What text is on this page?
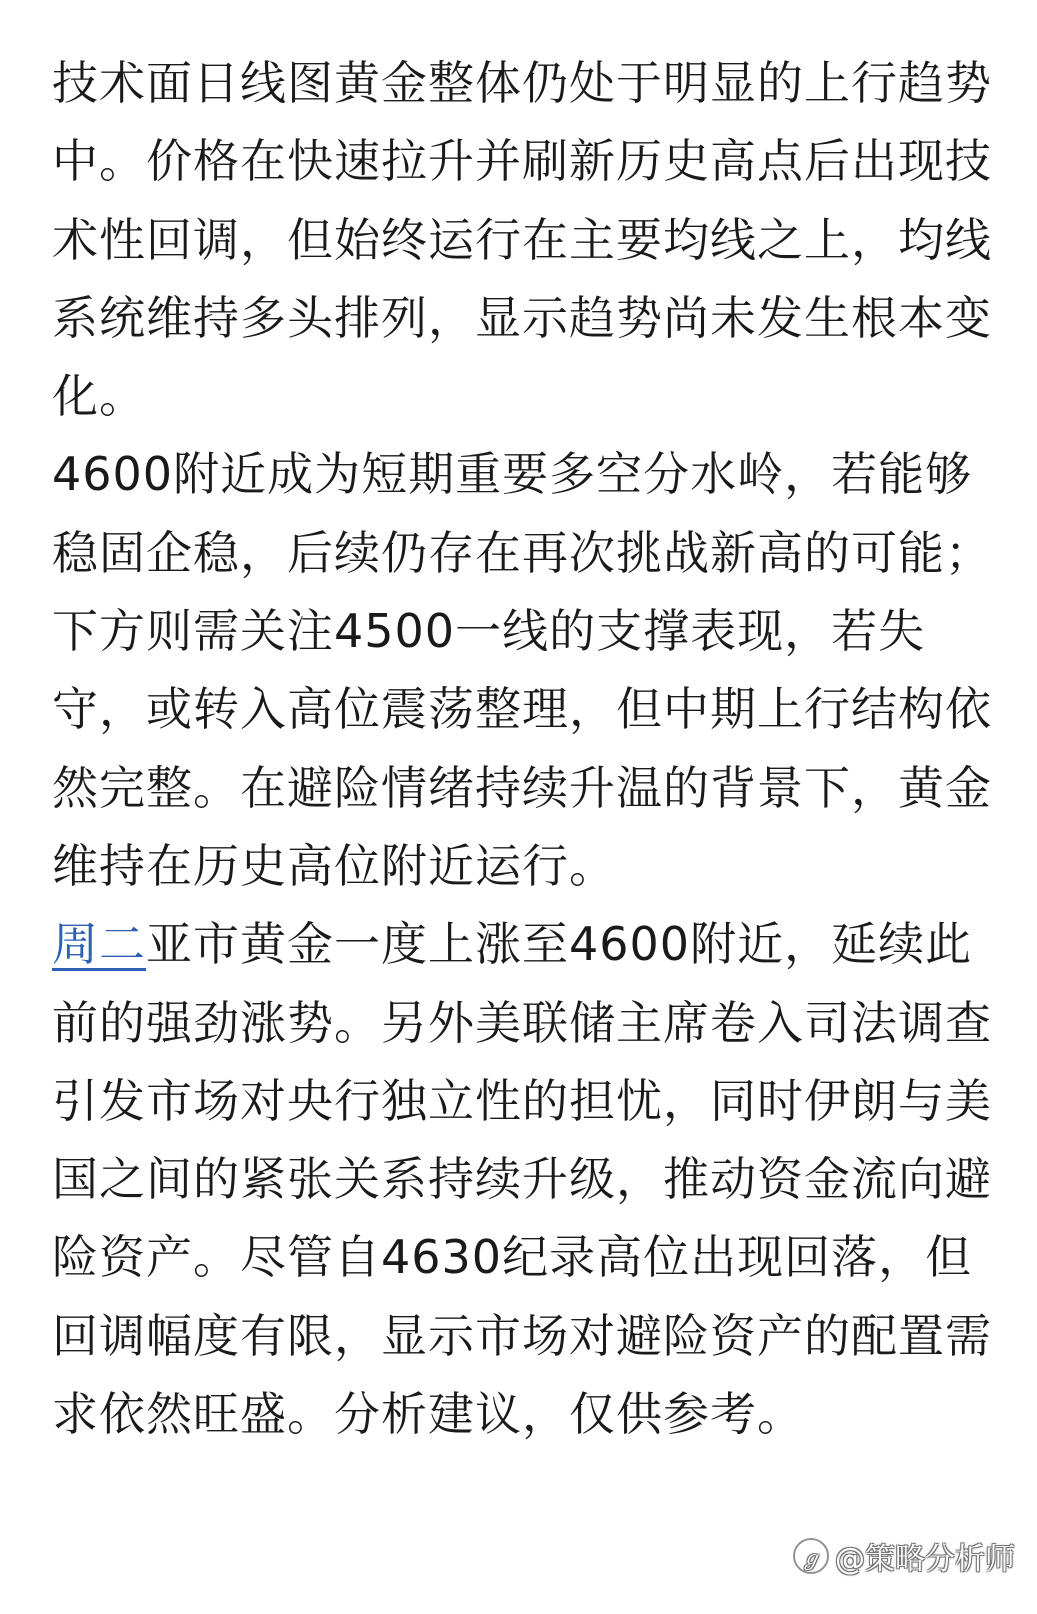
技术面日线图黄金整体仍处于明显的上行趋势中。价格在快速拉升并刷新历史高点后出现技术性回调，但始终运行在主要均线之上，均线系统维持多头排列，显示趋势尚未发生根本变化。

4600附近成为短期重要多空分水岭，若能够稳固企稳，后续仍存在再次挑战新高的可能；下方则需关注4500一线的支撑表现，若失守，或转入高位震荡整理，但中期上行结构依然完整。在避险情绪持续升温的背景下，黄金维持在历史高位附近运行。

周二亚市黄金一度上涨至4600附近，延续此前的强劲涨势。另外美联储主席卷入司法调查引发市场对央行独立性的担忧，同时伊朗与美国之间的紧张关系持续升级，推动资金流向避险资产。尽管自4630纪录高位出现回落，但回调幅度有限，显示市场对避险资产的配置需求依然旺盛。分析建议，仅供参考。

ℊ @策略分析师
